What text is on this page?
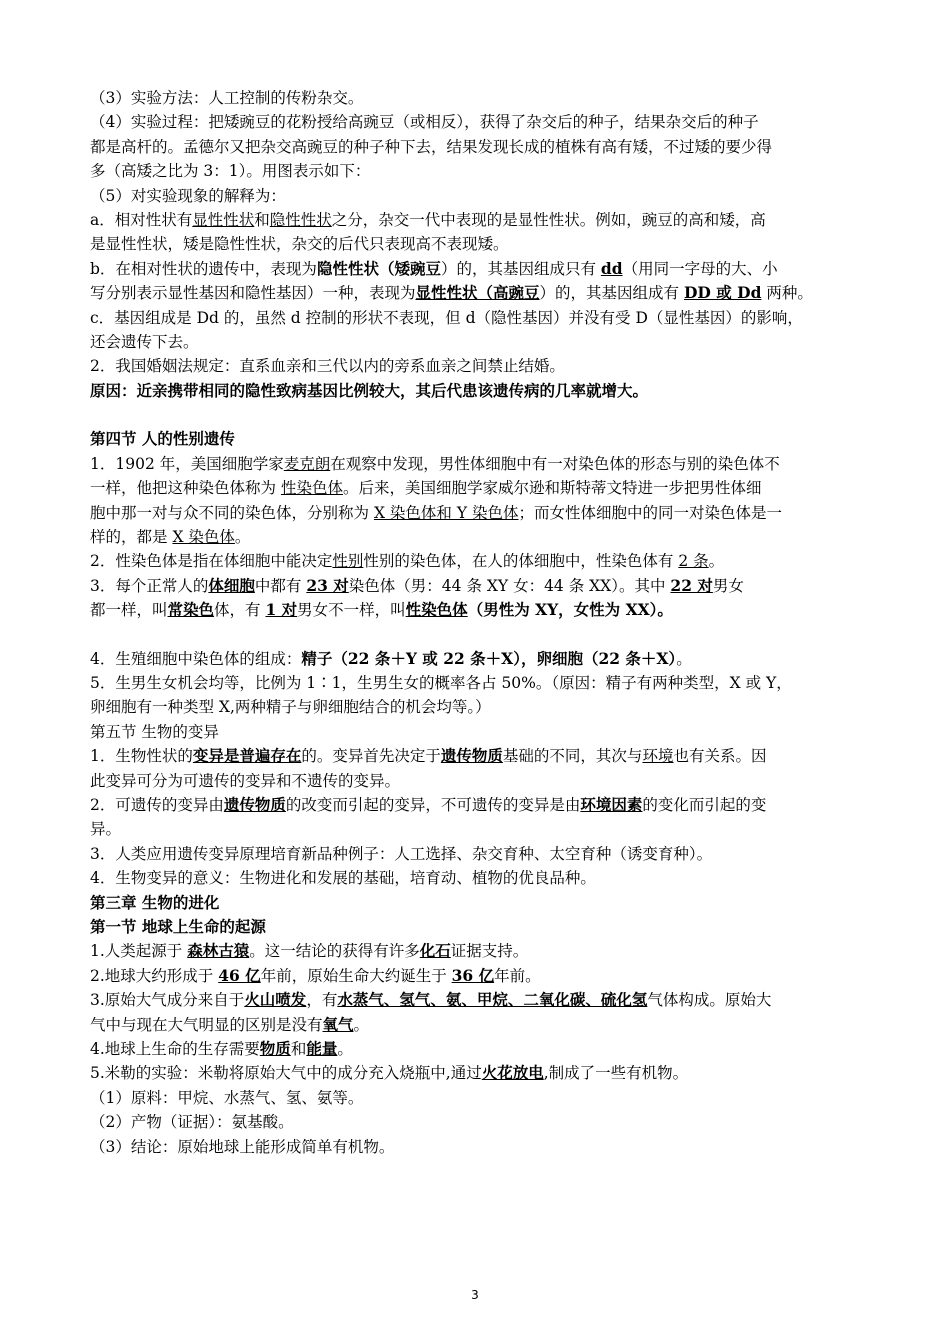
（3）实验方法：人工控制的传粉杂交。

（4）实验过程：把矮豌豆的花粉授给高豌豆（或相反），获得了杂交后的种子，结果杂交后的种子

都是高杆的。孟德尔又把杂交高豌豆的种子种下去，结果发现长成的植株有高有矮，不过矮的要少得

多（高矮之比为 3：1）。用图表示如下：

（5）对实验现象的解释为：

a．相对性状有显性性状和隐性性状之分，杂交一代中表现的是显性性状。例如，豌豆的高和矮，高

是显性性状，矮是隐性性状，杂交的后代只表现高不表现矮。

b．在相对性状的遗传中，表现为隐性性状（矮豌豆）的，其基因组成只有 dd（用同一字母的大、小

写分别表示显性基因和隐性基因）一种，表现为显性性状（高豌豆）的，其基因组成有 DD 或 Dd 两种。

c．基因组成是 Dd 的，虽然 d 控制的形状不表现，但 d（隐性基因）并没有受 D（显性基因）的影响，

还会遗传下去。

2．我国婚姻法规定：直系血亲和三代以内的旁系血亲之间禁止结婚。

原因：近亲携带相同的隐性致病基因比例较大，其后代患该遗传病的几率就增大。

第四节 人的性别遗传

1．1902 年，美国细胞学家麦克朗在观察中发现，男性体细胞中有一对染色体的形态与别的染色体不

一样，他把这种染色体称为 性染色体。后来，美国细胞学家威尔逊和斯特蒂文特进一步把男性体细

胞中那一对与众不同的染色体，分别称为 X 染色体和 Y 染色体；而女性体细胞中的同一对染色体是一

样的，都是 X 染色体。

2．性染色体是指在体细胞中能决定性别性别的染色体，在人的体细胞中，性染色体有 2 条。

3．每个正常人的体细胞中都有 23 对染色体（男：44 条 XY 女：44 条 XX）。其中 22 对男女

都一样，叫常染色体，有 1 对男女不一样，叫性染色体（男性为 XY，女性为 XX）。

4．生殖细胞中染色体的组成：精子（22 条＋Y 或 22 条＋X），卵细胞（22 条＋X）。

5．生男生女机会均等，比例为 1∶1，生男生女的概率各占 50%。（原因：精子有两种类型，X 或 Y，

卵细胞有一种类型 X,两种精子与卵细胞结合的机会均等。）

第五节 生物的变异

1．生物性状的变异是普遍存在的。变异首先决定于遗传物质基础的不同，其次与环境也有关系。因

此变异可分为可遗传的变异和不遗传的变异。

2．可遗传的变异由遗传物质的改变而引起的变异，不可遗传的变异是由环境因素的变化而引起的变

异。

3．人类应用遗传变异原理培育新品种例子：人工选择、杂交育种、太空育种（诱变育种）。

4．生物变异的意义：生物进化和发展的基础，培育动、植物的优良品种。

第三章 生物的进化

第一节 地球上生命的起源

1.人类起源于 森林古猿。这一结论的获得有许多化石证据支持。

2.地球大约形成于 46 亿年前，原始生命大约诞生于 36 亿年前。

3.原始大气成分来自于火山喷发，有水蒸气、氢气、氨、甲烷、二氧化碳、硫化氢气体构成。原始大

气中与现在大气明显的区别是没有氧气。

4.地球上生命的生存需要物质和能量。

5.米勒的实验：米勒将原始大气中的成分充入烧瓶中,通过火花放电,制成了一些有机物。

（1）原料：甲烷、水蒸气、氢、氨等。

（2）产物（证据）：氨基酸。

（3）结论：原始地球上能形成简单有机物。

3
